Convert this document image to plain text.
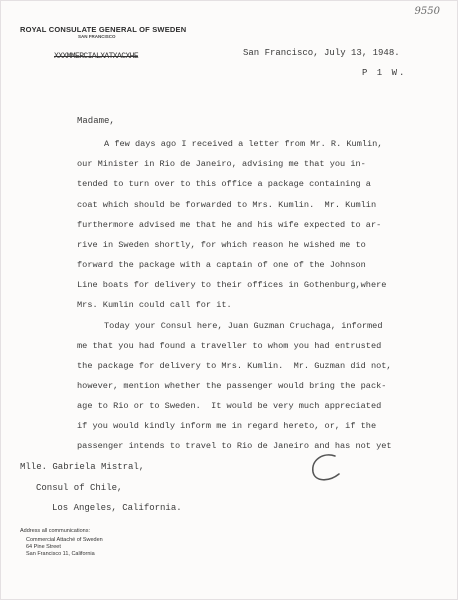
9550
ROYAL CONSULATE GENERAL OF SWEDEN
SAN FRANCISCO
XXXMMERCIALXATXACXHE	San Francisco, July 13, 1948.
P 1 W.
Madame,
A few days ago I received a letter from Mr. R. Kumlin,
our Minister in Rio de Janeiro, advising me that you in-
tended to turn over to this office a package containing a
coat which should be forwarded to Mrs. Kumlin.  Mr. Kumlin
furthermore advised me that he and his wife expected to ar-
rive in Sweden shortly, for which reason he wished me to
forward the package with a captain of one of the Johnson
Line boats for delivery to their offices in Gothenburg,where
Mrs. Kumlin could call for it.
Today your Consul here, Juan Guzman Cruchaga, informed
me that you had found a traveller to whom you had entrusted
the package for delivery to Mrs. Kumlin.  Mr. Guzman did not,
however, mention whether the passenger would bring the pack-
age to Rio or to Sweden.  It would be very much appreciated
if you would kindly inform me in regard hereto, or, if the
passenger intends to travel to Rio de Janeiro and has not yet
Mlle. Gabriela Mistral,
Consul of Chile,
Los Angeles, California.
Address all communications:
Commercial Attaché of Sweden
64 Pine Street
San Francisco 11, California
